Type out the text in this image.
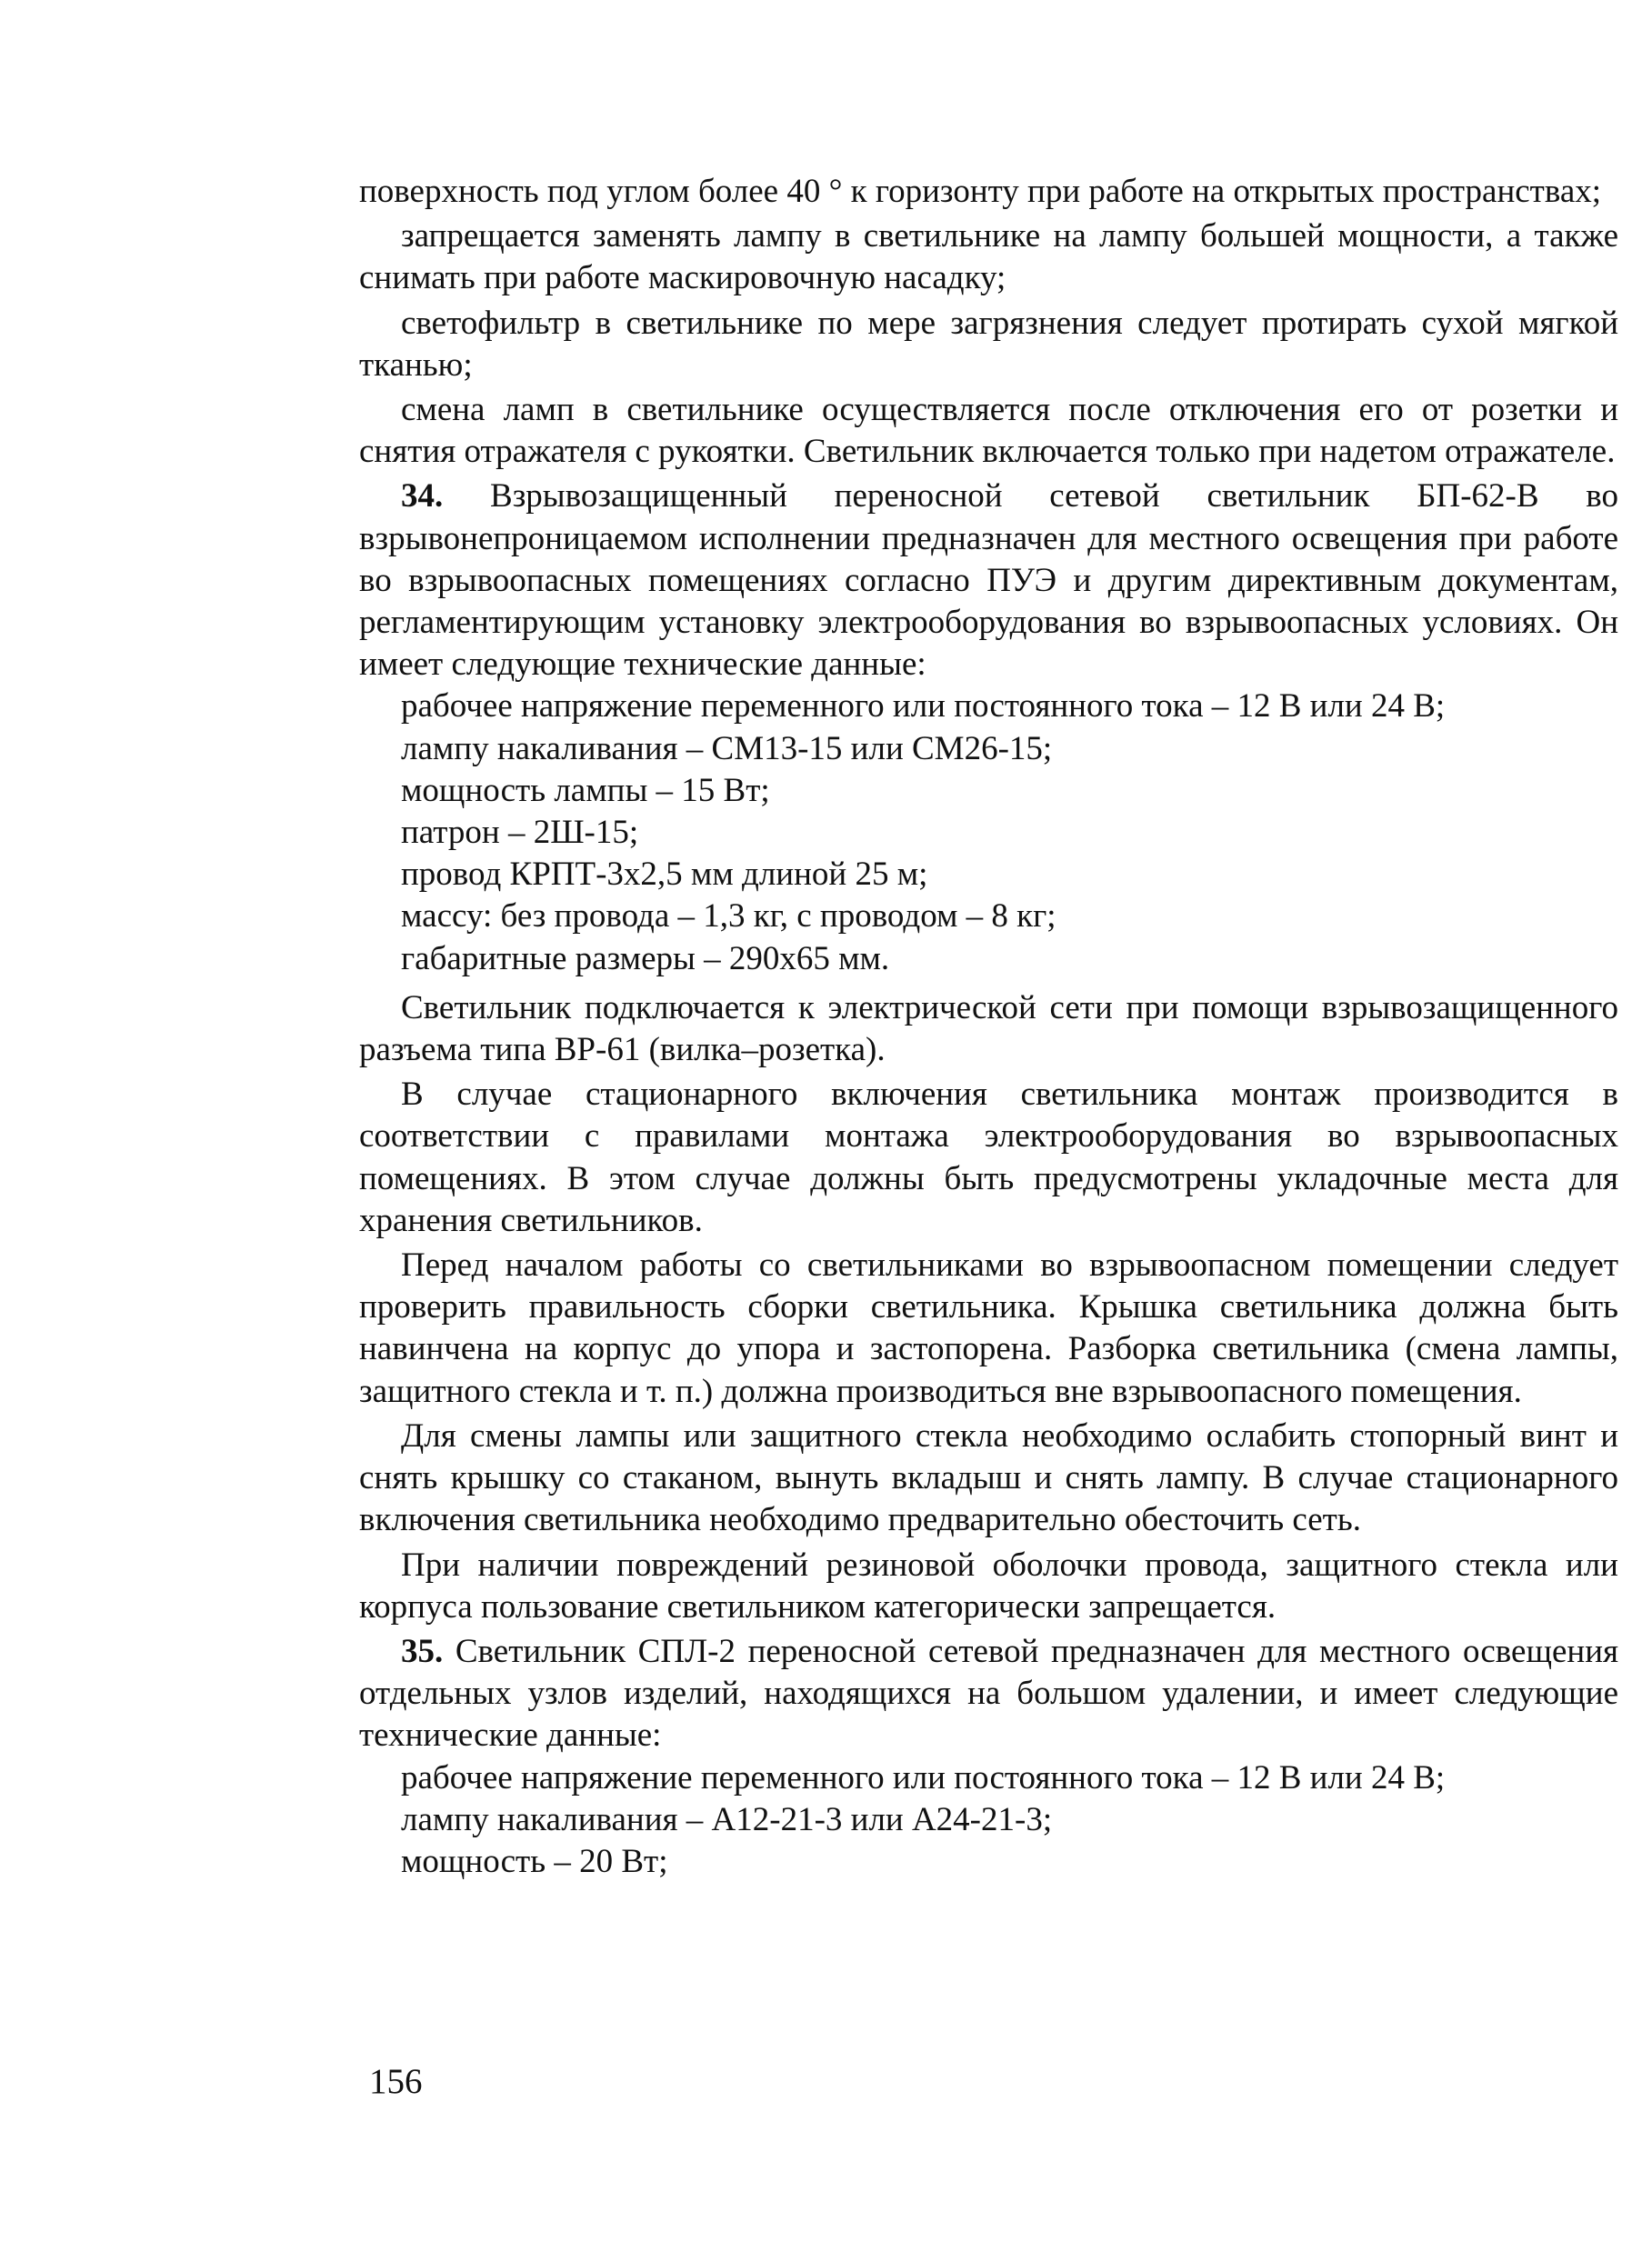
поверхность под углом более 40 ° к горизонту при работе на открытых пространствах;

запрещается заменять лампу в светильнике на лампу большей мощности, а также снимать при работе маскировочную насадку;

светофильтр в светильнике по мере загрязнения следует протирать сухой мягкой тканью;

смена ламп в светильнике осуществляется после отключения его от розетки и снятия отражателя с рукоятки. Светильник включается только при надетом отражателе.

34. Взрывозащищенный переносной сетевой светильник БП-62-В во взрывонепроницаемом исполнении предназначен для местного освещения при работе во взрывоопасных помещениях согласно ПУЭ и другим директивным документам, регламентирующим установку электрооборудования во взрывоопасных условиях. Он имеет следующие технические данные:

рабочее напряжение переменного или постоянного тока – 12 В или 24 В;
лампу накаливания – СМ13-15 или СМ26-15;
мощность лампы – 15 Вт;
патрон – 2Ш-15;
провод КРПТ-3х2,5 мм длиной 25 м;
массу: без провода – 1,3 кг, с проводом – 8 кг;
габаритные размеры – 290х65 мм.

Светильник подключается к электрической сети при помощи взрывозащищенного разъема типа ВР-61 (вилка–розетка).

В случае стационарного включения светильника монтаж производится в соответствии с правилами монтажа электрооборудования во взрывоопасных помещениях. В этом случае должны быть предусмотрены укладочные места для хранения светильников.

Перед началом работы со светильниками во взрывоопасном помещении следует проверить правильность сборки светильника. Крышка светильника должна быть навинчена на корпус до упора и застопорена. Разборка светильника (смена лампы, защитного стекла и т. п.) должна производиться вне взрывоопасного помещения.

Для смены лампы или защитного стекла необходимо ослабить стопорный винт и снять крышку со стаканом, вынуть вкладыш и снять лампу. В случае стационарного включения светильника необходимо предварительно обесточить сеть.

При наличии повреждений резиновой оболочки провода, защитного стекла или корпуса пользование светильником категорически запрещается.

35. Светильник СПЛ-2 переносной сетевой предназначен для местного освещения отдельных узлов изделий, находящихся на большом удалении, и имеет следующие технические данные:

рабочее напряжение переменного или постоянного тока – 12 В или 24 В;
лампу накаливания – А12-21-3 или А24-21-3;
мощность – 20 Вт;
156
